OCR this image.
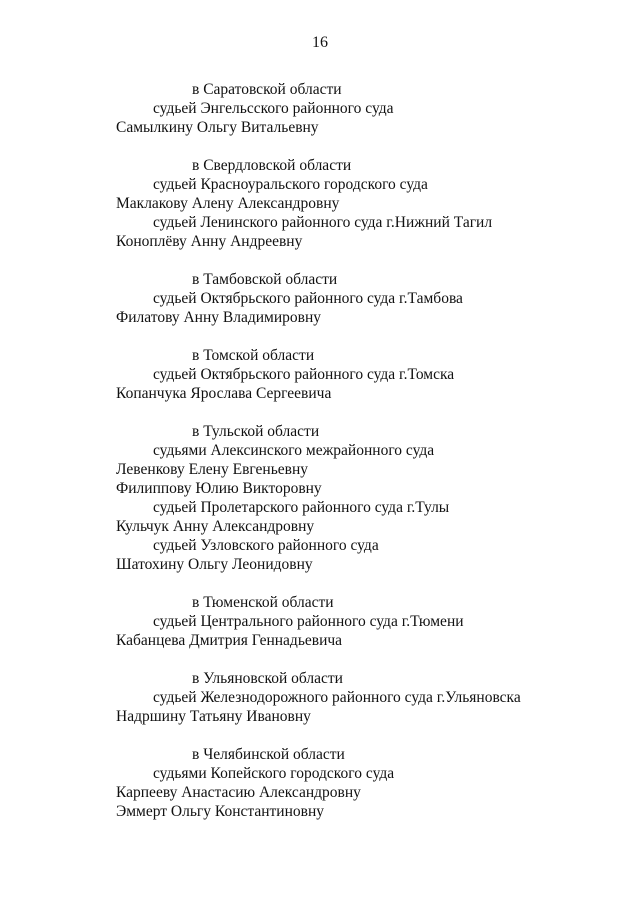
16
в Саратовской области
судьей Энгельсского районного суда
Самылкину Ольгу Витальевну
в Свердловской области
судьей Красноуральского городского суда
Маклакову Алену Александровну
судьей Ленинского районного суда г.Нижний Тагил
Коноплёву Анну Андреевну
в Тамбовской области
судьей Октябрьского районного суда г.Тамбова
Филатову Анну Владимировну
в Томской области
судьей Октябрьского районного суда г.Томска
Копанчука Ярослава Сергеевича
в Тульской области
судьями Алексинского межрайонного суда
Левенкову Елену Евгеньевну
Филиппову Юлию Викторовну
судьей Пролетарского районного суда г.Тулы
Кульчук Анну Александровну
судьей Узловского районного суда
Шатохину Ольгу Леонидовну
в Тюменской области
судьей Центрального районного суда г.Тюмени
Кабанцева Дмитрия Геннадьевича
в Ульяновской области
судьей Железнодорожного районного суда г.Ульяновска
Надршину Татьяну Ивановну
в Челябинской области
судьями Копейского городского суда
Карпееву Анастасию Александровну
Эммерт Ольгу Константиновну
